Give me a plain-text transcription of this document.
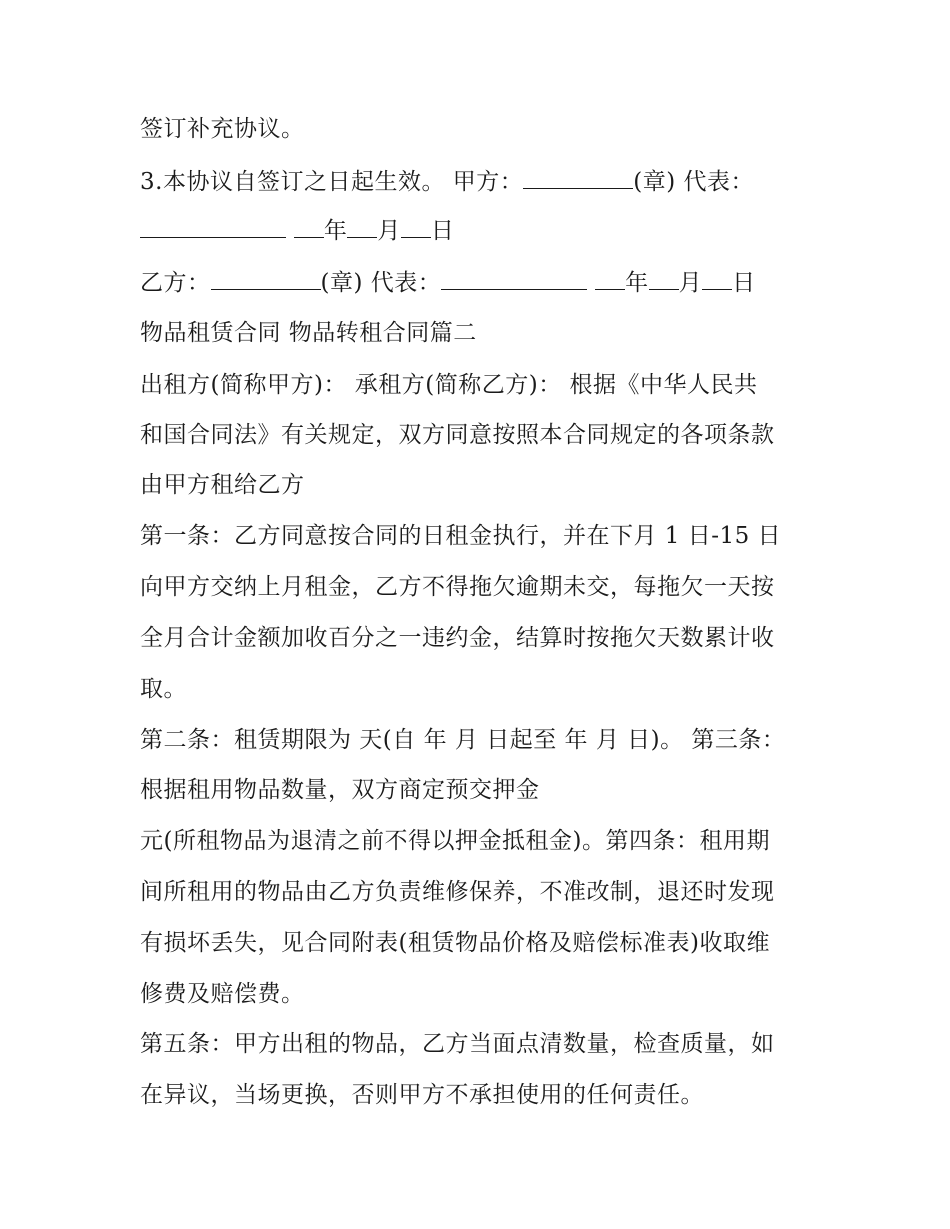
签订补充协议。
3.本协议自签订之日起生效。 甲方：	(章) 代表：
年 月 日
乙方：	(章) 代表：	年 月 日
物品租赁合同 物品转租合同篇二
出租方(简称甲方)： 承租方(简称乙方)： 根据《中华人民共
和国合同法》有关规定，双方同意按照本合同规定的各项条款
由甲方租给乙方
第一条：乙方同意按合同的日租金执行，并在下月 1 日-15 日
向甲方交纳上月租金，乙方不得拖欠逾期未交，每拖欠一天按
全月合计金额加收百分之一违约金，结算时按拖欠天数累计收
取。
第二条：租赁期限为 天(自 年 月 日起至 年 月 日)。 第三条：
根据租用物品数量，双方商定预交押金
元(所租物品为退清之前不得以押金抵租金)。第四条：租用期
间所租用的物品由乙方负责维修保养，不准改制，退还时发现
有损坏丢失，见合同附表(租赁物品价格及赔偿标准表)收取维
修费及赔偿费。
第五条：甲方出租的物品，乙方当面点清数量，检查质量，如
在异议，当场更换，否则甲方不承担使用的任何责任。
